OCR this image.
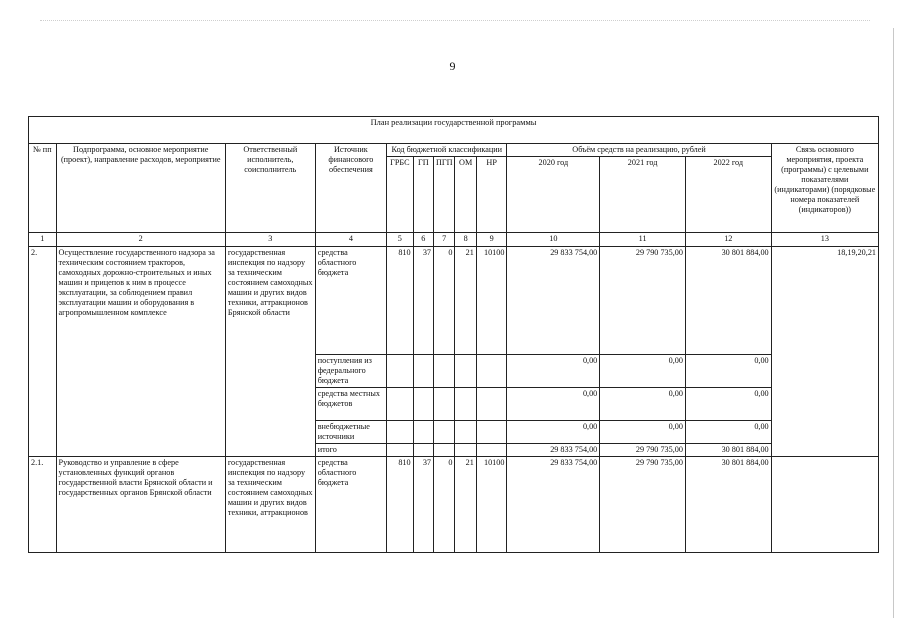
9
План реализации государственной программы												
№ пп	Подпрограмма, основное мероприятие (проект), направление расходов, мероприятие	Ответственный исполнитель, соисполнитель	Источник финансового обеспечения	Код бюджетной классификации					Объём средств на реализацию, рублей			Связь основного мероприятия, проекта (программы) с целевыми показателями (индикаторами) (порядковые номера показателей (индикаторов))
				ГРБС	ГП	ПГП	ОМ	НР	2020 год	2021 год	2022 год	
1	2	3	4	5	6	7	8	9	10	11	12	13
2.	Осуществление государственного надзора за техническим состоянием тракторов, самоходных дорожно-строительных и иных машин и прицепов к ним в процессе эксплуатации, за соблюдением правил эксплуатации машин и оборудования в агропромышленном комплексе	государственная инспекция по надзору за техническим состоянием самоходных машин и других видов техники, аттракционов Брянской области	средства областного бюджета	810	37	0	21	10100	29 833 754,00	29 790 735,00	30 801 884,00	18,19,20,21
			поступления из федерального бюджета						0,00	0,00	0,00	
			средства местных бюджетов						0,00	0,00	0,00	
			внебюджетные источники						0,00	0,00	0,00	
			итого						29 833 754,00	29 790 735,00	30 801 884,00	
2.1.	Руководство и управление в сфере установленных функций органов государственной власти Брянской области и государственных органов Брянской области	государственная инспекция по надзору за техническим состоянием самоходных машин и других видов техники, аттракционов	средства областного бюджета	810	37	0	21	10100	29 833 754,00	29 790 735,00	30 801 884,00	
